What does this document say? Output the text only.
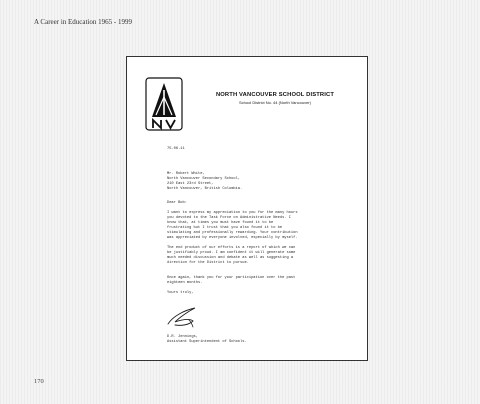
A Career in Education 1965 - 1999
NORTH VANCOUVER SCHOOL DISTRICT
School District No. 44 (North Vancouver)
75.06.11
Mr. Robert White,
North Vancouver Secondary School,
210 East 23rd Street,
North Vancouver, British Columbia.
Dear Bob:
I want to express my appreciation to you for the many hours
you devoted to the Task Force on Administrative Needs. I
know that, at times you must have found it to be
frustrating but I trust that you also found it to be
stimulating and professionally rewarding. Your contribution
was appreciated by everyone involved, especially by myself.
The end product of our efforts is a report of which we can
be justifiably proud. I am confident it will generate some
much needed discussion and debate as well as suggesting a
direction for the District to pursue.
Once again, thank you for your participation over the past
eighteen months.
Yours truly,
D.R. Jennings,
Assistant Superintendent of Schools.
170
